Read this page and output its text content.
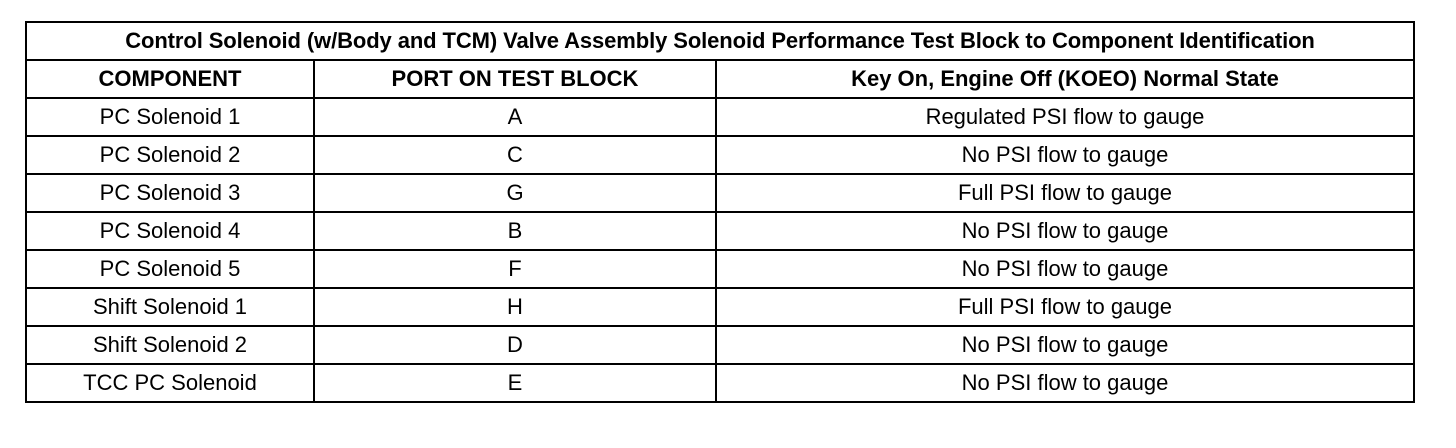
Control Solenoid (w/Body and TCM) Valve Assembly Solenoid Performance Test Block to Component Identification		
COMPONENT	PORT ON TEST BLOCK	Key On, Engine Off (KOEO) Normal State
PC Solenoid 1	A	Regulated PSI flow to gauge
PC Solenoid 2	C	No PSI flow to gauge
PC Solenoid 3	G	Full PSI flow to gauge
PC Solenoid 4	B	No PSI flow to gauge
PC Solenoid 5	F	No PSI flow to gauge
Shift Solenoid 1	H	Full PSI flow to gauge
Shift Solenoid 2	D	No PSI flow to gauge
TCC PC Solenoid	E	No PSI flow to gauge
